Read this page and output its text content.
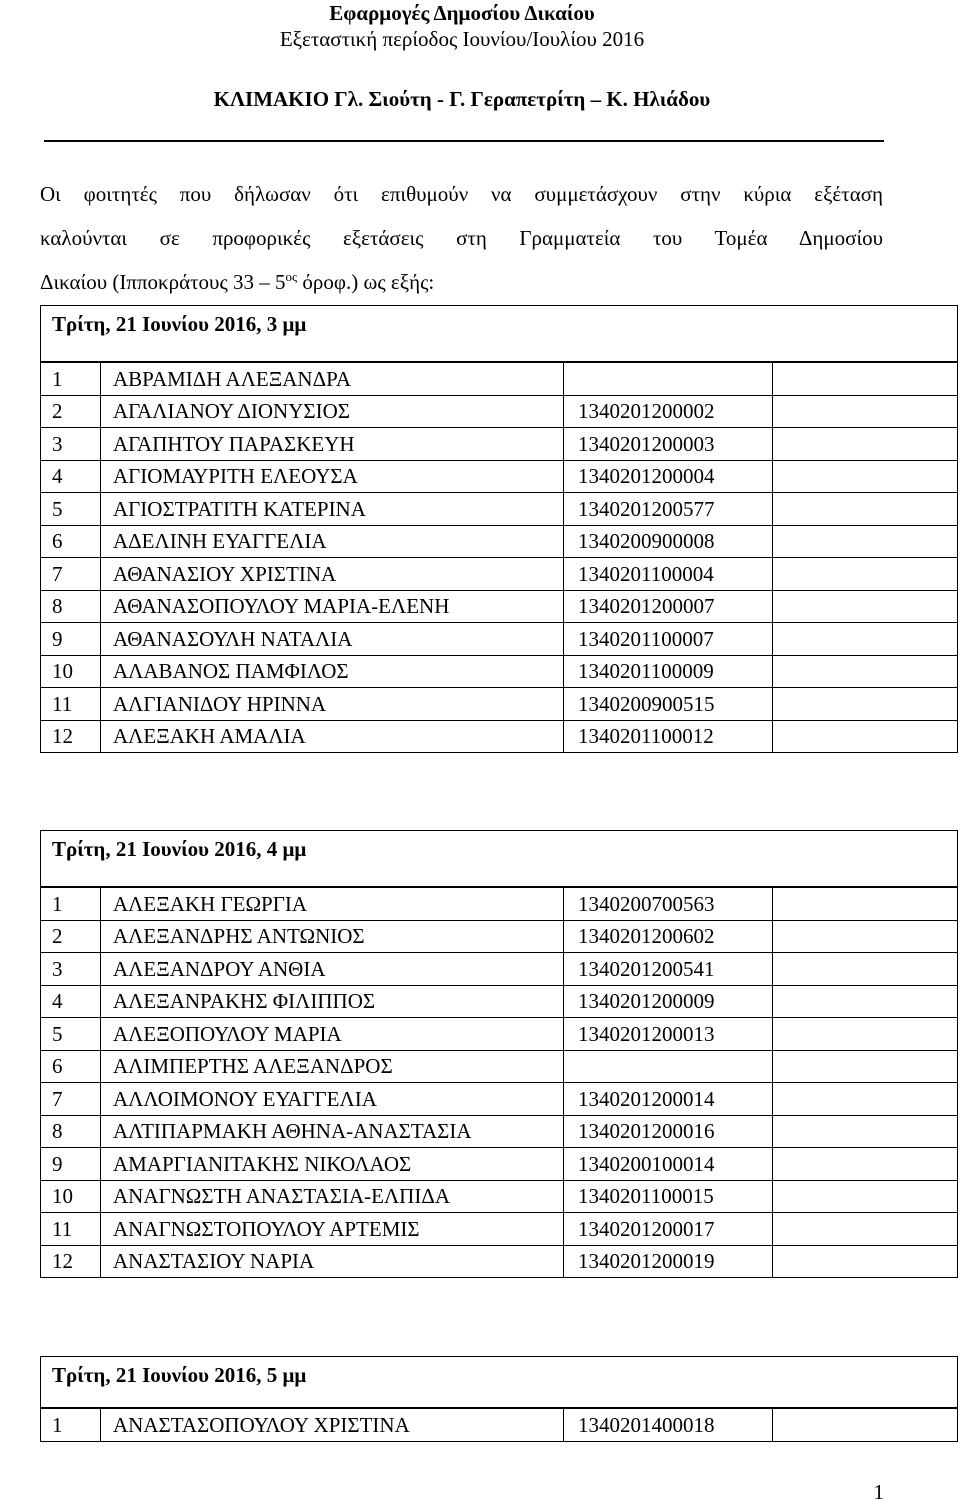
Εφαρμογές Δημοσίου Δικαίου
Εξεταστική περίοδος Ιουνίου/Ιουλίου 2016
ΚΛΙΜΑΚΙΟ Γλ. Σιούτη - Γ. Γεραπετρίτη – Κ. Ηλιάδου
Οι φοιτητές που δήλωσαν ότι επιθυμούν να συμμετάσχουν στην κύρια εξέταση
καλούνται σε προφορικές εξετάσεις στη Γραμματεία του Τομέα Δημοσίου
Δικαίου (Ιπποκράτους $33 - 5^{o\varsigma}$ όροφ.) ως εξής:
Τρίτη, 21 Ιουνίου 2016, 3 μμ
1	ΑΒΡΑΜΙΔΗ ΑΛΕΞΑΝΔΡΑ		
2	ΑΓΑΛΙΑΝΟΥ ΔΙΟΝΥΣΙΟΣ	1340201200002	
3	ΑΓΑΠΗΤΟΥ ΠΑΡΑΣΚΕΥΗ	1340201200003	
4	ΑΓΙΟΜΑΥΡΙΤΗ ΕΛΕΟΥΣΑ	1340201200004	
5	ΑΓΙΟΣΤΡΑΤΙΤΗ ΚΑΤΕΡΙΝΑ	1340201200577	
6	ΑΔΕΛΙΝΗ ΕΥΑΓΓΕΛΙΑ	1340200900008	
7	ΑΘΑΝΑΣΙΟΥ ΧΡΙΣΤΙΝΑ	1340201100004	
8	ΑΘΑΝΑΣΟΠΟΥΛΟΥ ΜΑΡΙΑ-ΕΛΕΝΗ	1340201200007	
9	ΑΘΑΝΑΣΟΥΛΗ ΝΑΤΑΛΙΑ	1340201100007	
10	ΑΛΑΒΑΝΟΣ ΠΑΜΦΙΛΟΣ	1340201100009	
11	ΑΛΓΙΑΝΙΔΟΥ ΗΡΙΝΝΑ	1340200900515	
12	ΑΛΕΞΑΚΗ ΑΜΑΛΙΑ	1340201100012	
Τρίτη, 21 Ιουνίου 2016, 4 μμ
1	ΑΛΕΞΑΚΗ ΓΕΩΡΓΙΑ	1340200700563	
2	ΑΛΕΞΑΝΔΡΗΣ ΑΝΤΩΝΙΟΣ	1340201200602	
3	ΑΛΕΞΑΝΔΡΟΥ ΑΝΘΙΑ	1340201200541	
4	ΑΛΕΞΑΝΡΑΚΗΣ ΦΙΛΙΠΠΟΣ	1340201200009	
5	ΑΛΕΞΟΠΟΥΛΟΥ ΜΑΡΙΑ	1340201200013	
6	ΑΛΙΜΠΕΡΤΗΣ ΑΛΕΞΑΝΔΡΟΣ		
7	ΑΛΛΟΙΜΟΝΟΥ ΕΥΑΓΓΕΛΙΑ	1340201200014	
8	ΑΛΤΙΠΑΡΜΑΚΗ ΑΘΗΝΑ-ΑΝΑΣΤΑΣΙΑ	1340201200016	
9	ΑΜΑΡΓΙΑΝΙΤΑΚΗΣ ΝΙΚΟΛΑΟΣ	1340200100014	
10	ΑΝΑΓΝΩΣΤΗ ΑΝΑΣΤΑΣΙΑ-ΕΛΠΙΔΑ	1340201100015	
11	ΑΝΑΓΝΩΣΤΟΠΟΥΛΟΥ ΑΡΤΕΜΙΣ	1340201200017	
12	ΑΝΑΣΤΑΣΙΟΥ ΝΑΡΙΑ	1340201200019	
Τρίτη, 21 Ιουνίου 2016, 5 μμ
1	ΑΝΑΣΤΑΣΟΠΟΥΛΟΥ ΧΡΙΣΤΙΝΑ	1340201400018	
1
